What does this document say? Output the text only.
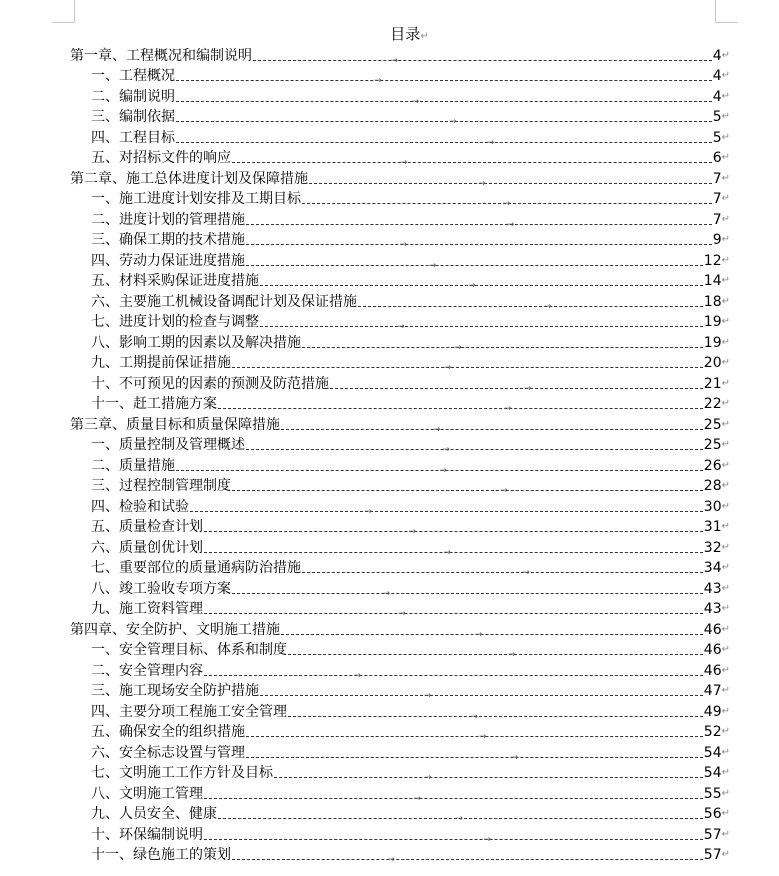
目录↵
第一章、工程概况和编制说明	→	4 ↵
一、工程概况	→	4 ↵
二、编制说明	→	4 ↵
三、编制依据	→	5 ↵
四、工程目标	→	5 ↵
五、对招标文件的响应	→	6 ↵
第二章、施工总体进度计划及保障措施	→	7 ↵
一、施工进度计划安排及工期目标	→	7 ↵
二、进度计划的管理措施	→	7 ↵
三、确保工期的技术措施	→	9 ↵
四、劳动力保证进度措施	→	12 ↵
五、材料采购保证进度措施	→	14 ↵
六、主要施工机械设备调配计划及保证措施	→	18 ↵
七、进度计划的检查与调整	→	19 ↵
八、影响工期的因素以及解决措施	→	19 ↵
九、工期提前保证措施	→	20 ↵
十、不可预见的因素的预测及防范措施	→	21 ↵
十一、赶工措施方案	→	22 ↵
第三章、质量目标和质量保障措施	→	25 ↵
一、质量控制及管理概述	→	25 ↵
二、质量措施	→	26 ↵
三、过程控制管理制度	→	28 ↵
四、检验和试验	→	30 ↵
五、质量检查计划	→	31 ↵
六、质量创优计划	→	32 ↵
七、重要部位的质量通病防治措施	→	34 ↵
八、竣工验收专项方案	→	43 ↵
九、施工资料管理	→	43 ↵
第四章、安全防护、文明施工措施	→	46 ↵
一、安全管理目标、体系和制度	→	46 ↵
二、安全管理内容	→	46 ↵
三、施工现场安全防护措施	→	47 ↵
四、主要分项工程施工安全管理	→	49 ↵
五、确保安全的组织措施	→	52 ↵
六、安全标志设置与管理	→	54 ↵
七、文明施工工作方针及目标	→	54 ↵
八、文明施工管理	→	55 ↵
九、人员安全、健康	→	56 ↵
十、环保编制说明	→	57 ↵
十一、绿色施工的策划	→	57 ↵
